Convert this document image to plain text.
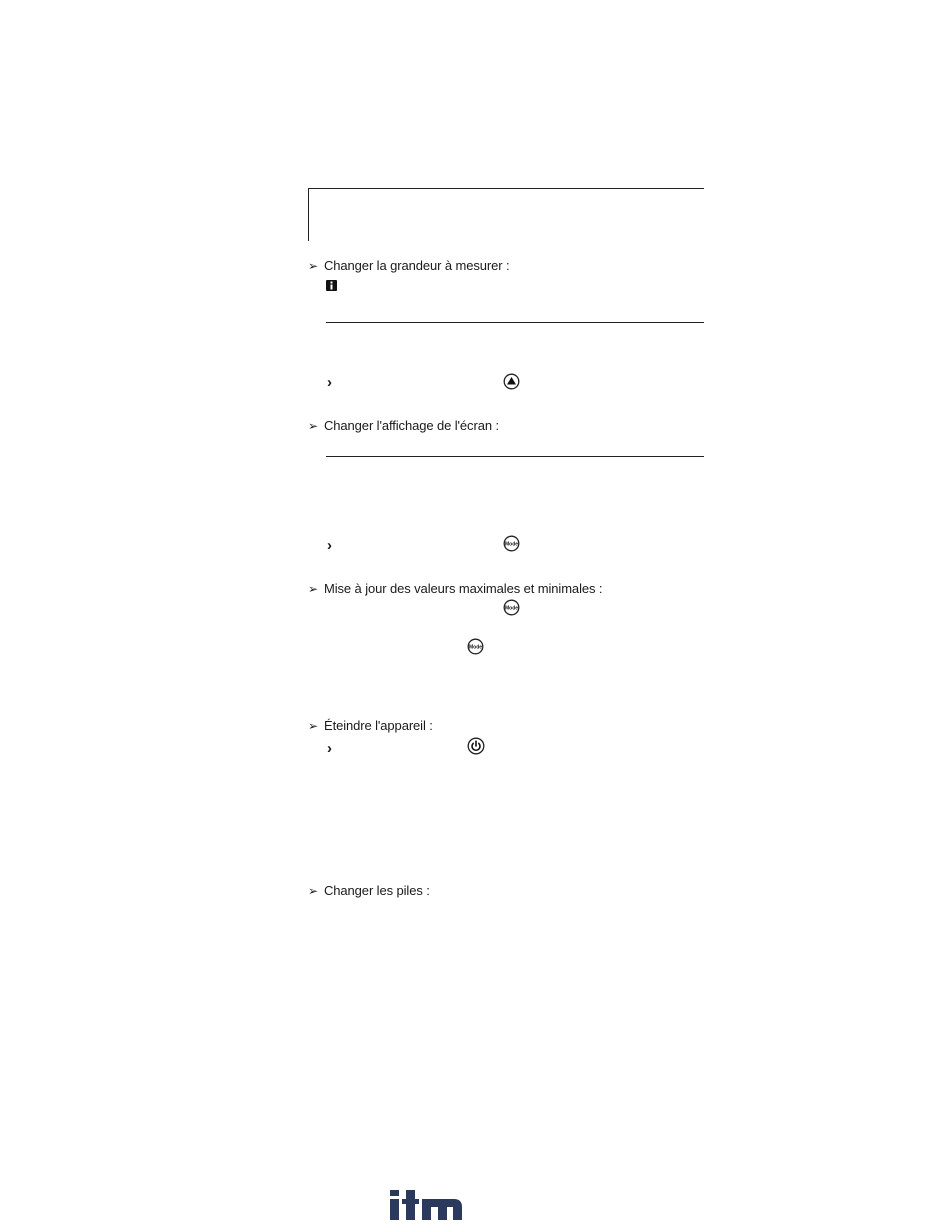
➢ Changer la grandeur à mesurer :
›
➢ Changer l'affichage de l'écran :
›	Mode
➢ Mise à jour des valeurs maximales et minimales :
Mode
Mode
➢ Éteindre l'appareil :
›
➢ Changer les piles :
